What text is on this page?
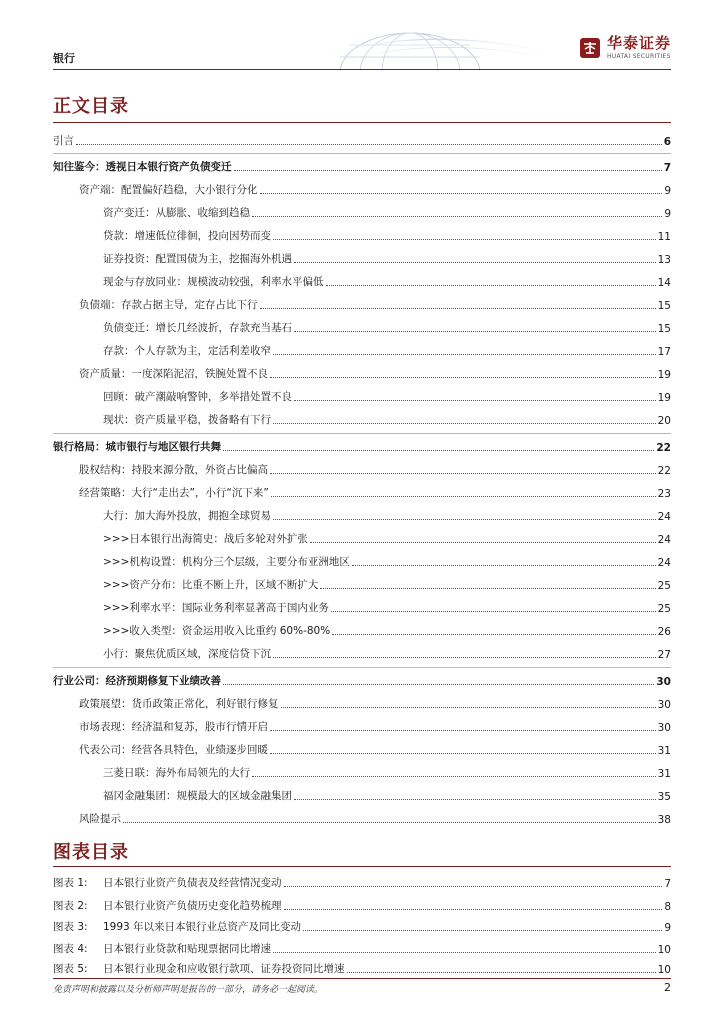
银行
华泰证券
HUATAI SECURITIES
正文目录
引言	6
知往鉴今：透视日本银行资产负债变迁	7
资产端：配置偏好趋稳，大小银行分化	9
资产变迁：从膨胀、收缩到趋稳	9
贷款：增速低位徘徊，投向因势而变	11
证券投资：配置国债为主，挖掘海外机遇	13
现金与存放同业：规模波动较强，利率水平偏低	14
负债端：存款占据主导，定存占比下行	15
负债变迁：增长几经波折，存款充当基石	15
存款：个人存款为主，定活利差收窄	17
资产质量：一度深陷泥沼，铁腕处置不良	19
回顾：破产潮敲响警钟，多举措处置不良	19
现状：资产质量平稳，拨备略有下行	20
银行格局：城市银行与地区银行共舞	22
股权结构：持股来源分散，外资占比偏高	22
经营策略：大行“走出去”，小行“沉下来”	23
大行：加大海外投放，拥抱全球贸易	24
>>>日本银行出海简史：战后多轮对外扩张	24
>>>机构设置：机构分三个层级，主要分布亚洲地区	24
>>>资产分布：比重不断上升，区域不断扩大	25
>>>利率水平：国际业务利率显著高于国内业务	25
>>>收入类型：资金运用收入比重约 60%-80%	26
小行：聚焦优质区域，深度信贷下沉	27
行业公司：经济预期修复下业绩改善	30
政策展望：货币政策正常化，利好银行修复	30
市场表现：经济温和复苏，股市行情开启	30
代表公司：经营各具特色，业绩逐步回暖	31
三菱日联：海外布局领先的大行	31
福冈金融集团：规模最大的区域金融集团	35
风险提示	38
图表目录
图表 1: 日本银行业资产负债表及经营情况变动	7
图表 2: 日本银行业资产负债历史变化趋势梳理	8
图表 3: 1993 年以来日本银行业总资产及同比变动	9
图表 4: 日本银行业贷款和贴现票据同比增速	10
图表 5: 日本银行业现金和应收银行款项、证券投资同比增速	10
免责声明和披露以及分析师声明是报告的一部分，请务必一起阅读。	2
